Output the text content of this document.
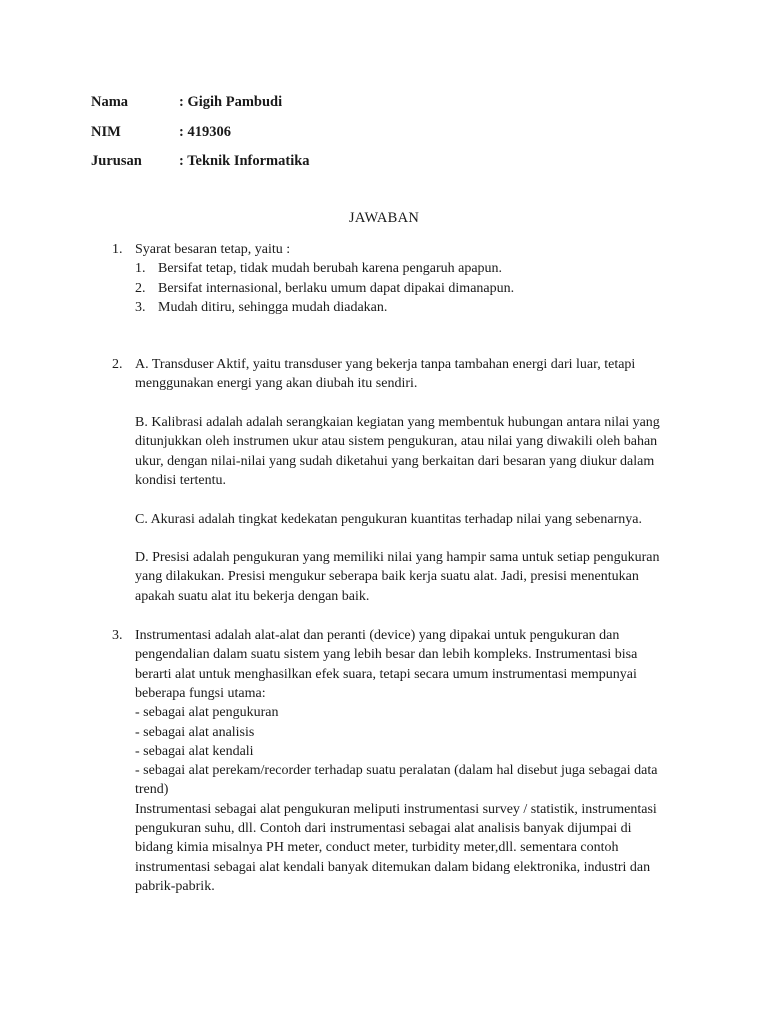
Nama	: Gigih Pambudi
NIM	: 419306
Jurusan	: Teknik Informatika
JAWABAN
1. Syarat besaran tetap, yaitu :

1. Bersifat tetap, tidak mudah berubah karena pengaruh apapun.
2. Bersifat internasional, berlaku umum dapat dipakai dimanapun.
3. Mudah ditiru, sehingga mudah diadakan.
2. A. Transduser Aktif, yaitu transduser yang bekerja tanpa tambahan energi dari luar, tetapi menggunakan energi yang akan diubah itu sendiri.

B. Kalibrasi adalah adalah serangkaian kegiatan yang membentuk hubungan antara nilai yang ditunjukkan oleh instrumen ukur atau sistem pengukuran, atau nilai yang diwakili oleh bahan ukur, dengan nilai-nilai yang sudah diketahui yang berkaitan dari besaran yang diukur dalam kondisi tertentu.

C. Akurasi adalah tingkat kedekatan pengukuran kuantitas terhadap nilai yang sebenarnya.

D. Presisi adalah pengukuran yang memiliki nilai yang hampir sama untuk setiap pengukuran yang dilakukan. Presisi mengukur seberapa baik kerja suatu alat. Jadi, presisi menentukan apakah suatu alat itu bekerja dengan baik.

3. Instrumentasi adalah alat-alat dan peranti (device) yang dipakai untuk pengukuran dan pengendalian dalam suatu sistem yang lebih besar dan lebih kompleks. Instrumentasi bisa berarti alat untuk menghasilkan efek suara, tetapi secara umum instrumentasi mempunyai beberapa fungsi utama:

- sebagai alat pengukuran

- sebagai alat analisis

- sebagai alat kendali

- sebagai alat perekam/recorder terhadap suatu peralatan (dalam hal disebut juga sebagai data trend)

Instrumentasi sebagai alat pengukuran meliputi instrumentasi survey / statistik, instrumentasi pengukuran suhu, dll. Contoh dari instrumentasi sebagai alat analisis banyak dijumpai di bidang kimia misalnya PH meter, conduct meter, turbidity meter,dll. sementara contoh instrumentasi sebagai alat kendali banyak ditemukan dalam bidang elektronika, industri dan pabrik-pabrik.
